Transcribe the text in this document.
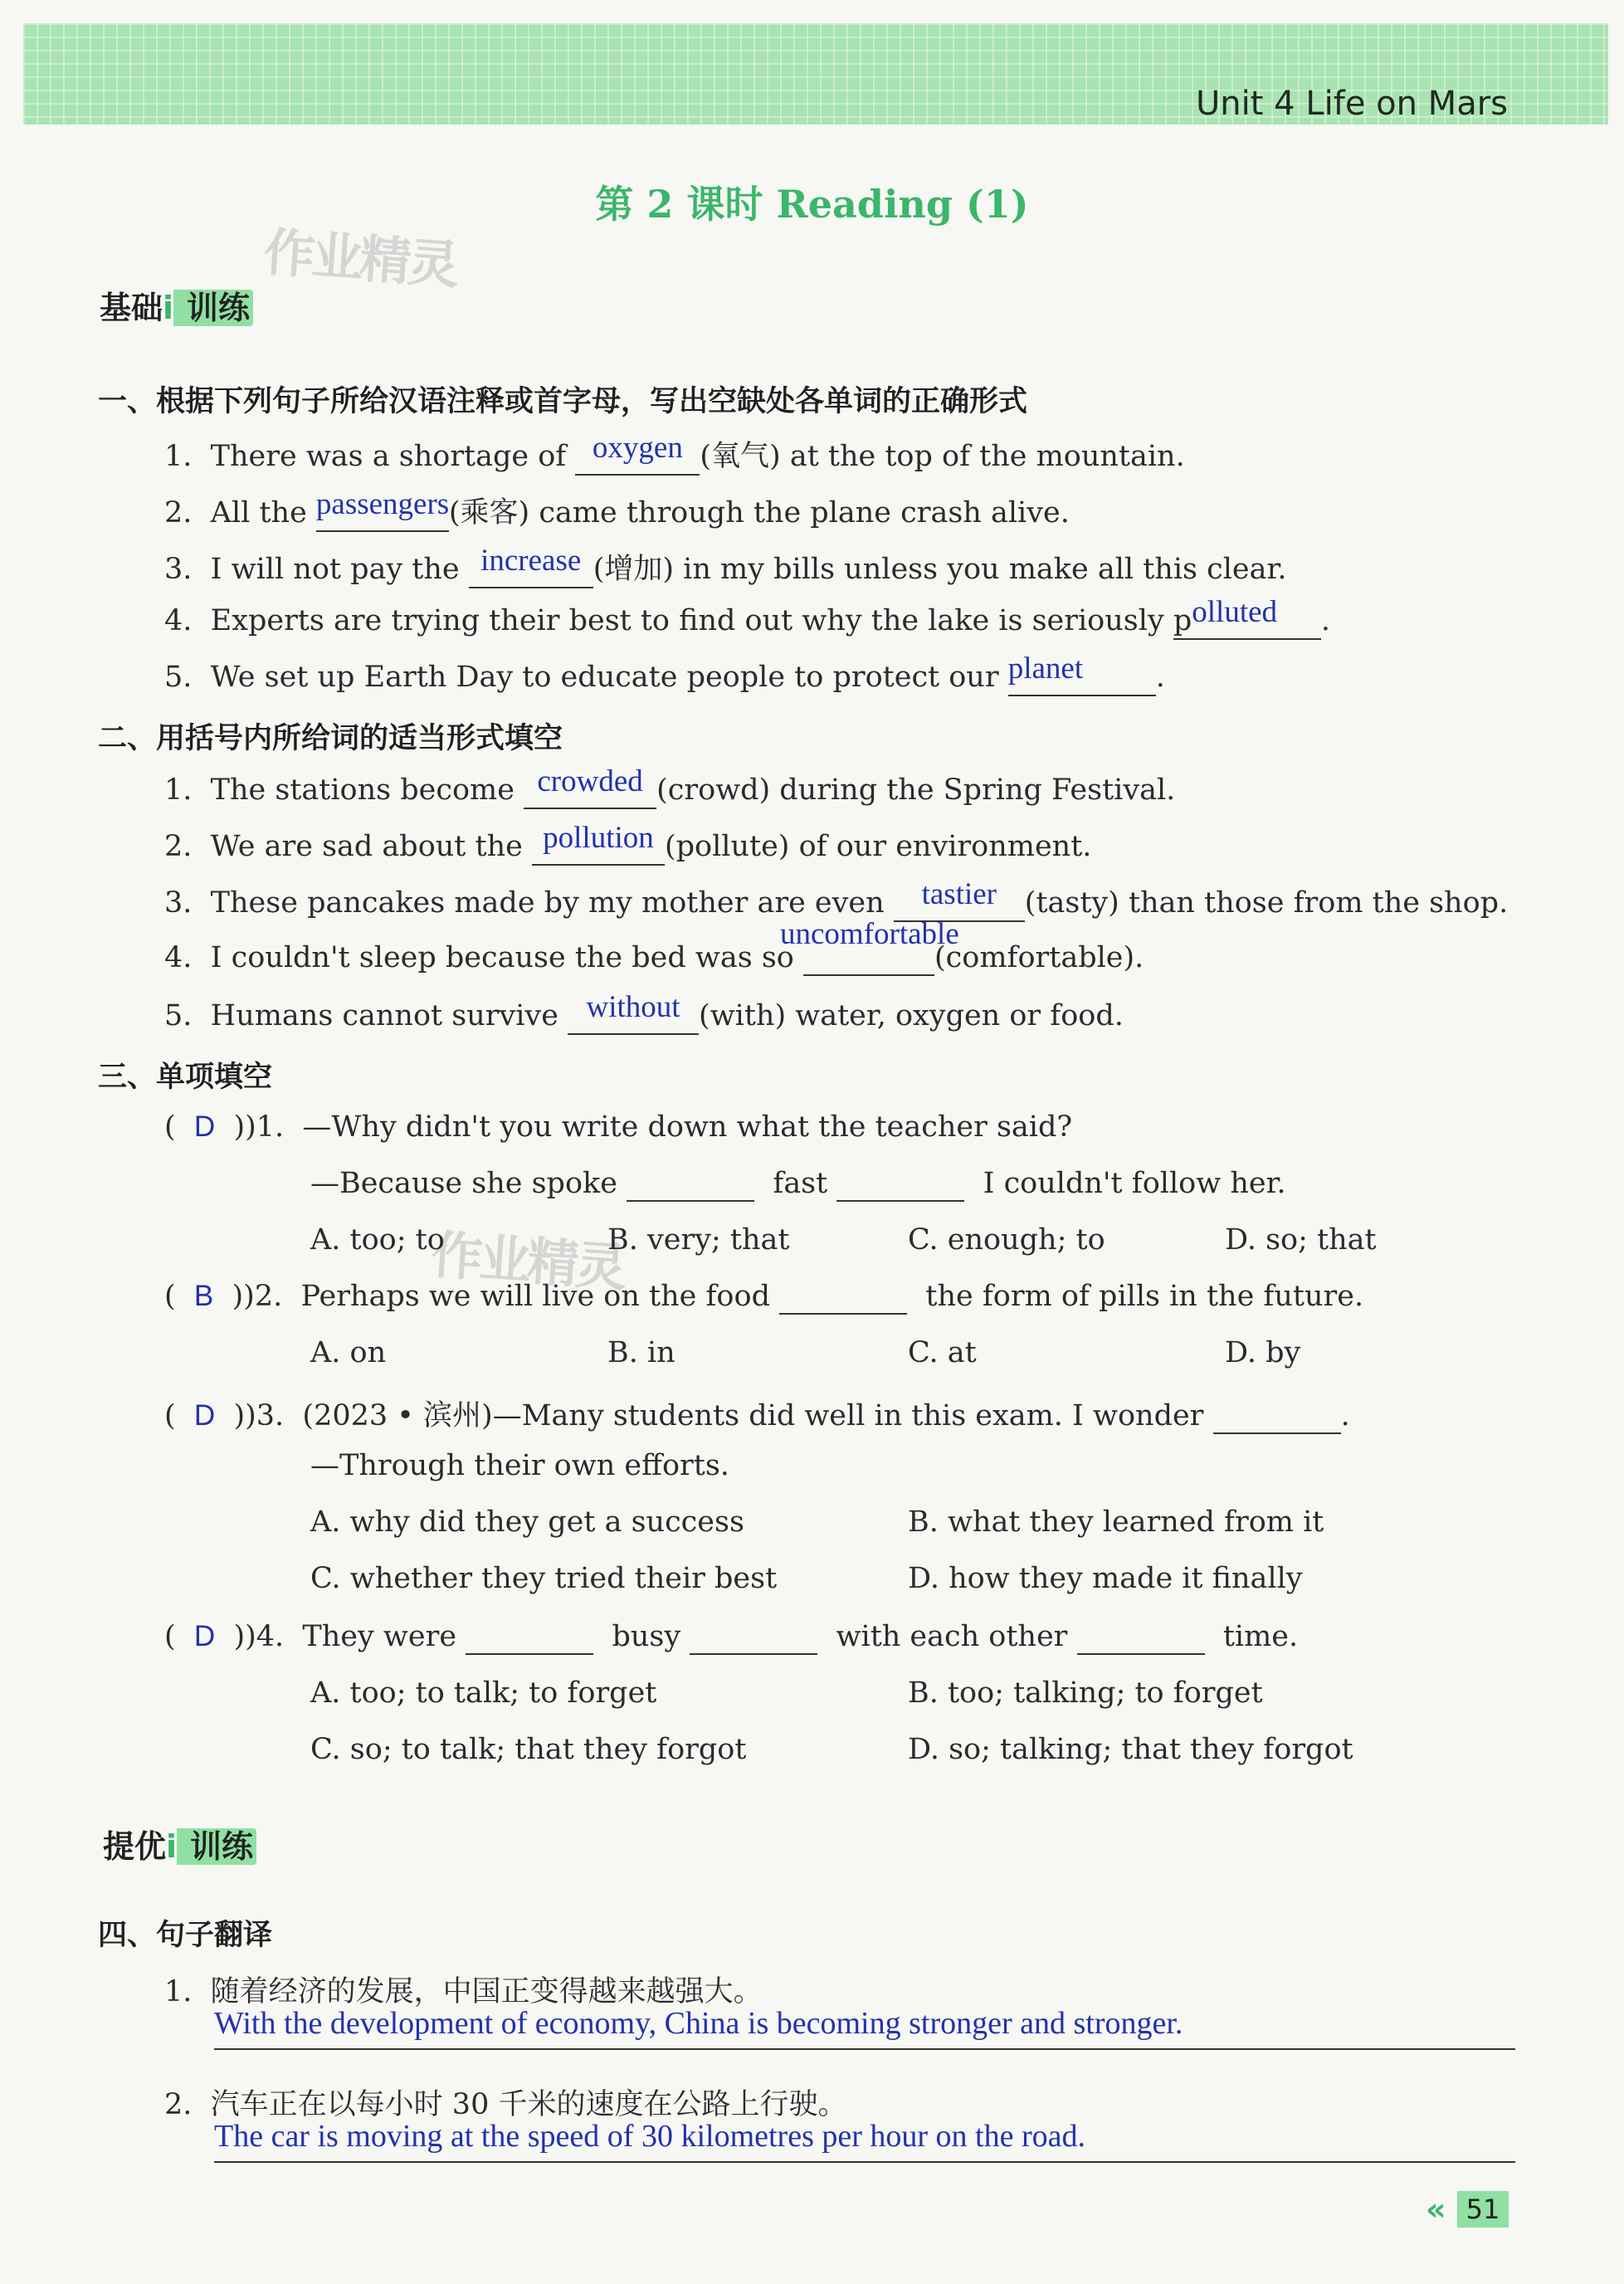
Unit 4 Life on Mars
第 2 课时 Reading (1)
作业精灵
作业精灵
基础ⅰ 训练
一、根据下列句子所给汉语注释或首字母，写出空缺处各单词的正确形式
1. There was a shortage of oxygen (氧气) at the top of the mountain.
2. All the passengers(乘客) came through the plane crash alive.
3. I will not pay the increase (增加) in my bills unless you make all this clear.
4. Experts are trying their best to find out why the lake is seriously polluted .
5. We set up Earth Day to educate people to protect our planet	.
二、用括号内所给词的适当形式填空
1. The stations become crowded (crowd) during the Spring Festival.
2. We are sad about the pollution (pollute) of our environment.
3. These pancakes made by my mother are even tastier (tasty) than those from the shop.
4. I couldn't sleep because the bed was so	(comfortable).
uncomfortable
5. Humans cannot survive without (with) water, oxygen or food.
三、单项填空
(  D  ))1. —Why didn't you write down what the teacher said?
—Because she spoke	fast	I couldn't follow her.
A. too; to	B. very; that	C. enough; to	D. so; that
(  B  ))2. Perhaps we will live on the food	the form of pills in the future.
A. on	B. in	C. at	D. by
(  D  ))3. (2023 • 滨州)—Many students did well in this exam. I wonder	.
—Through their own efforts.
A. why did they get a success	B. what they learned from it
C. whether they tried their best	D. how they made it finally
(  D  ))4. They were	busy	with each other	time.
A. too; to talk; to forget	B. too; talking; to forget
C. so; to talk; that they forgot	D. so; talking; that they forgot
提优ⅰ 训练
四、句子翻译
1. 随着经济的发展，中国正变得越来越强大。
With the development of economy, China is becoming stronger and stronger.
2. 汽车正在以每小时 30 千米的速度在公路上行驶。
The car is moving at the speed of 30 kilometres per hour on the road.
« 51
